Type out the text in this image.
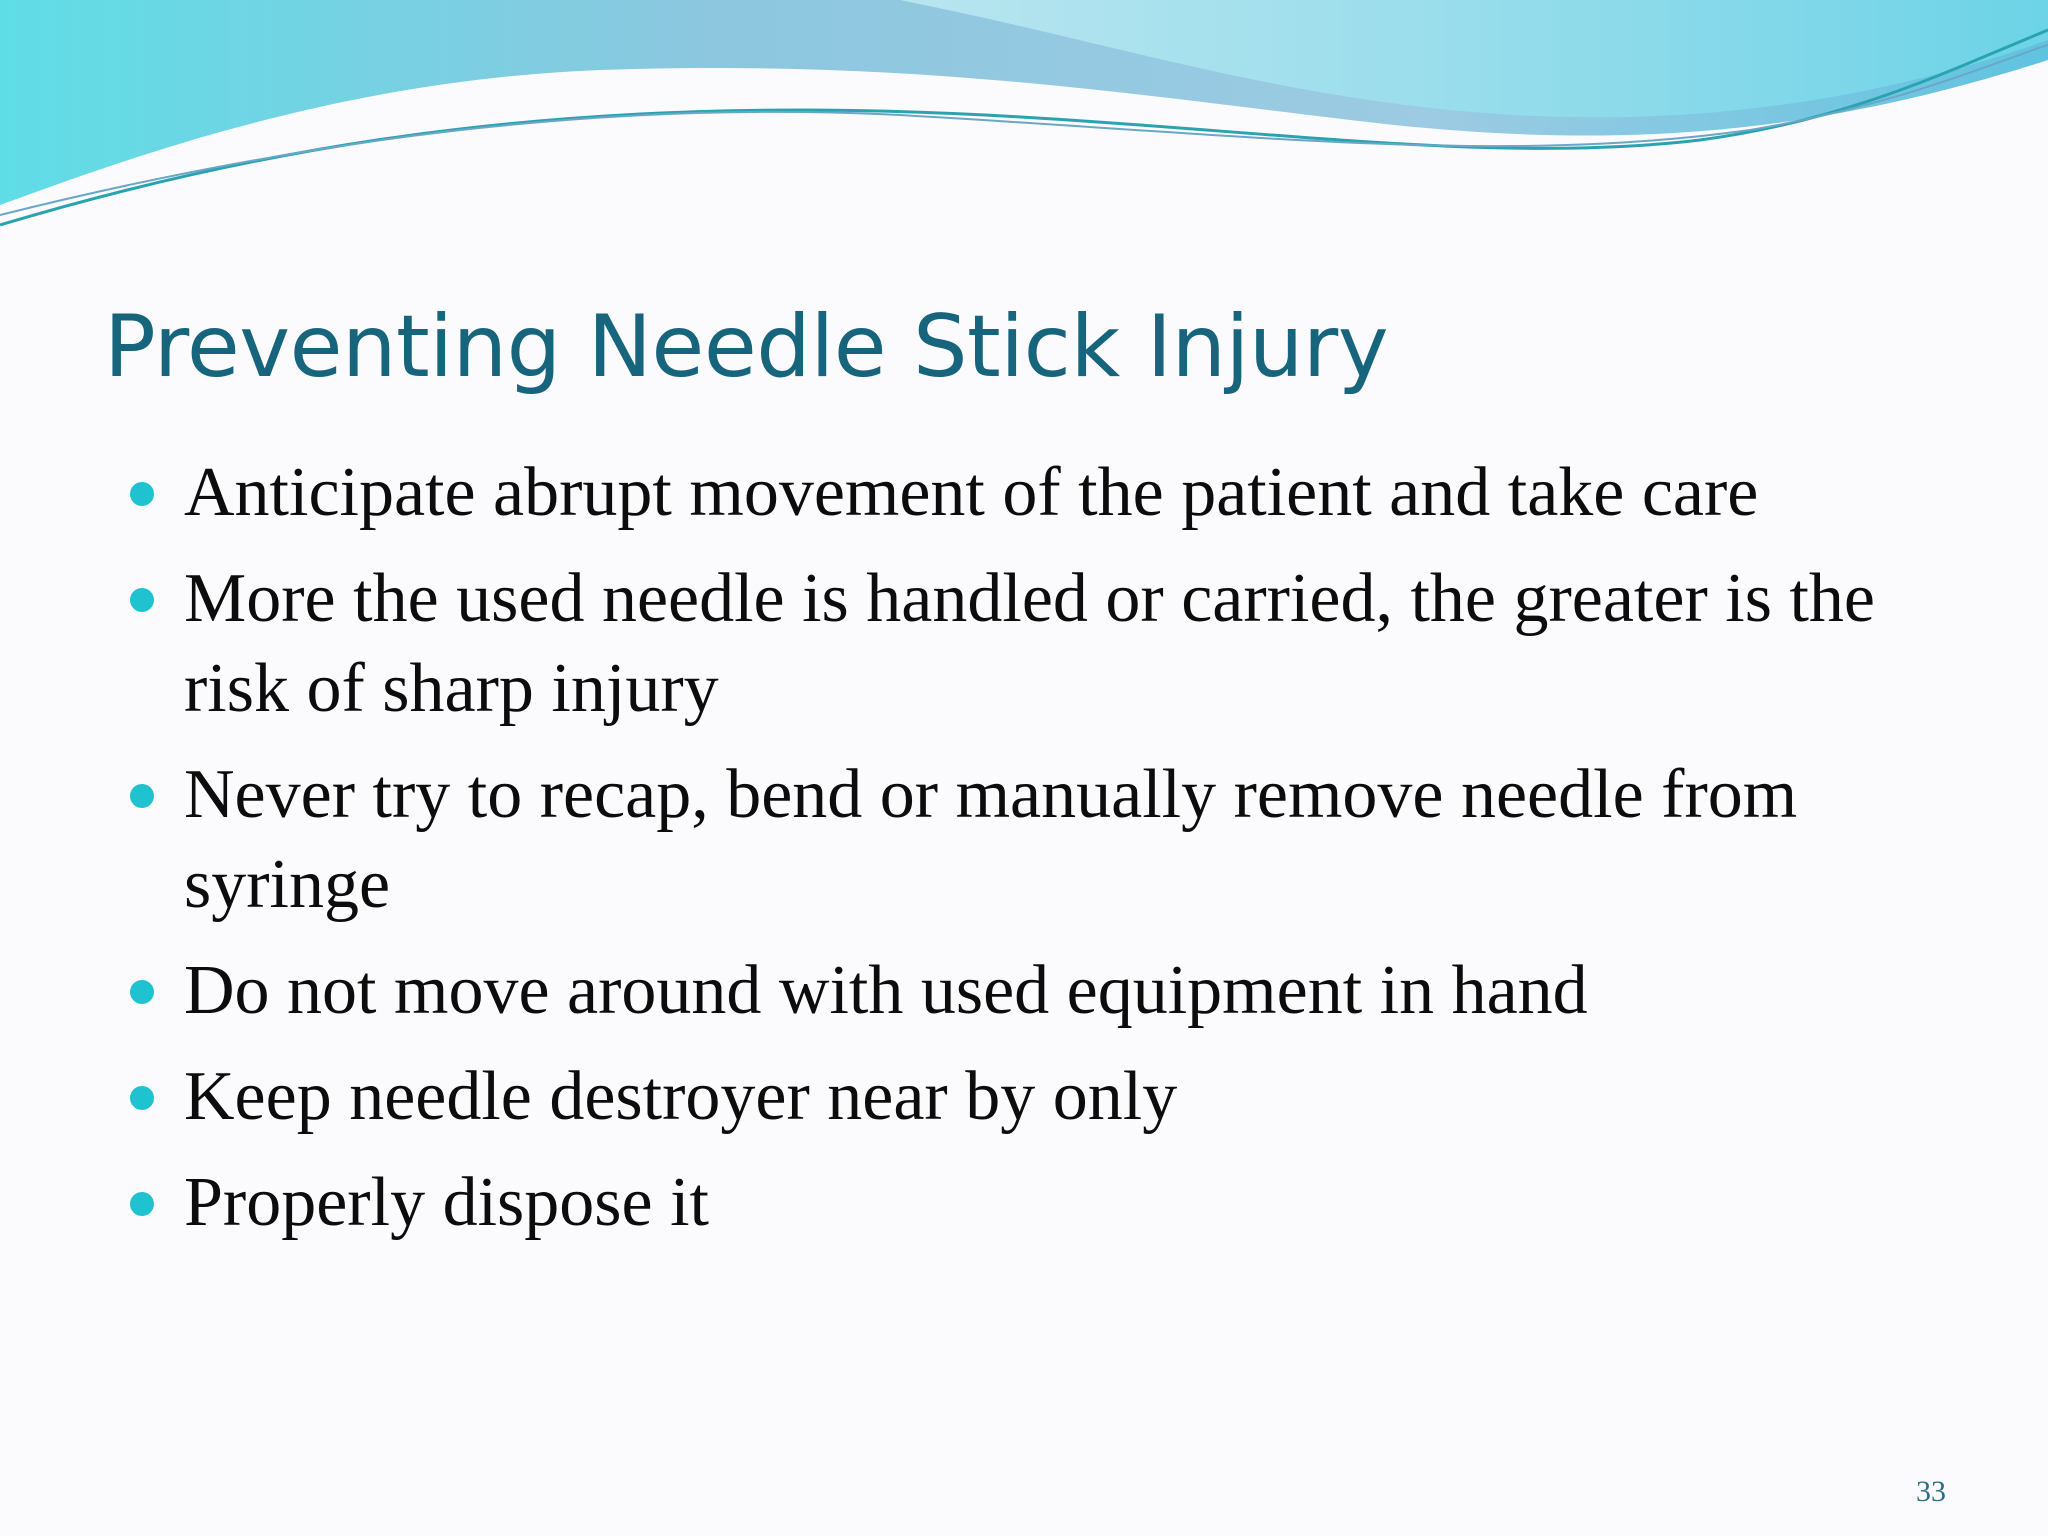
Preventing Needle Stick Injury
Anticipate abrupt movement of the patient and take care
More the used needle is handled or carried, the greater is the risk of sharp injury
Never try to recap, bend or manually remove needle from syringe
Do not move around with used equipment in hand
Keep needle destroyer near by only
Properly dispose it
33
